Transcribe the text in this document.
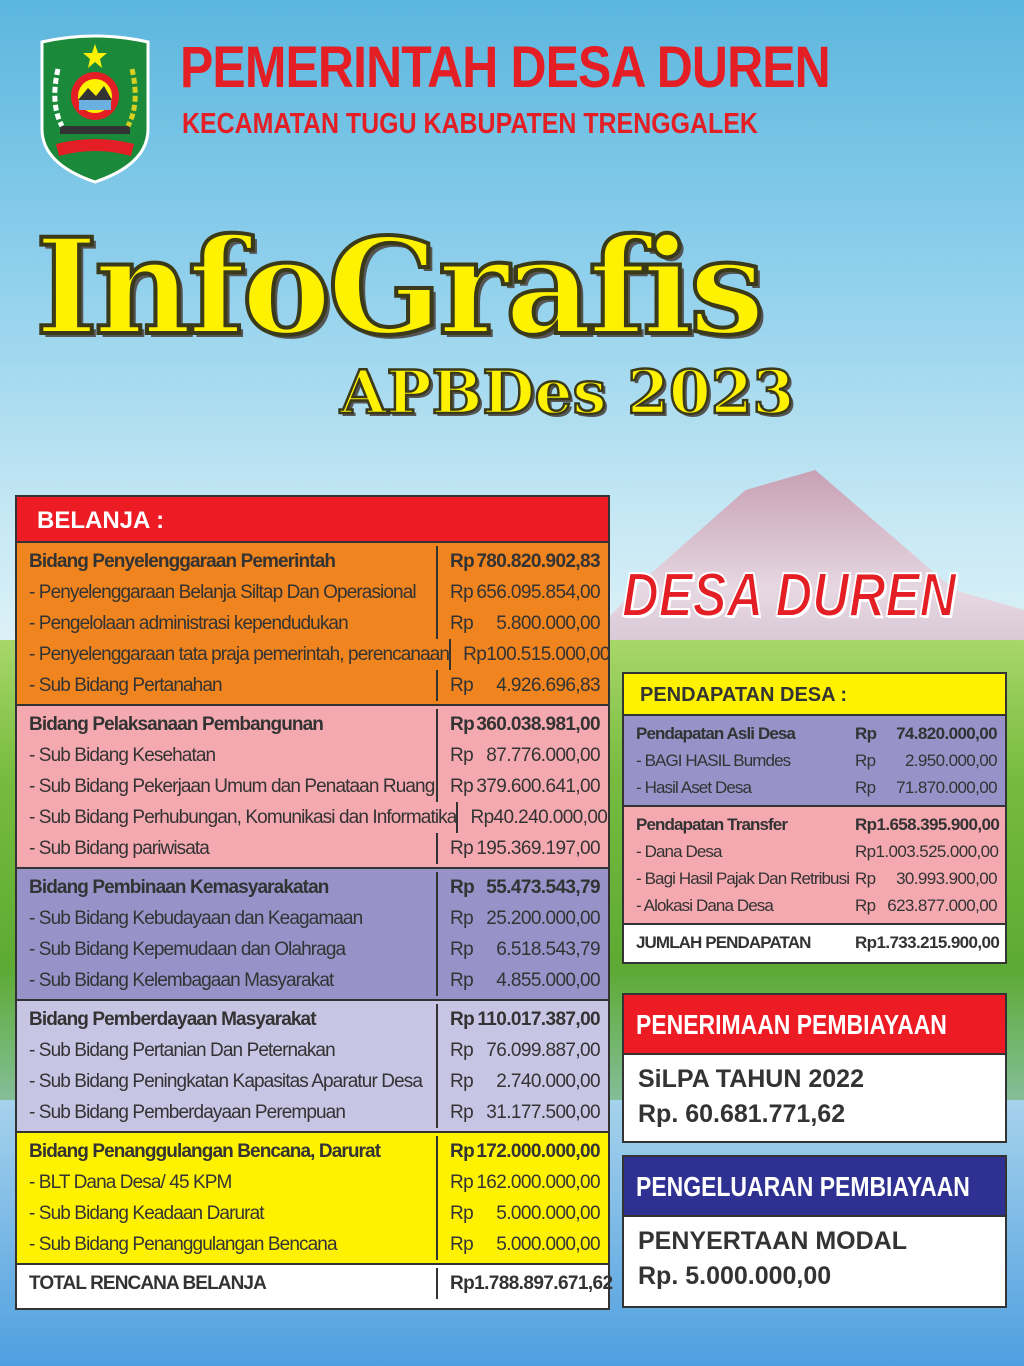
PEMERINTAH DESA DUREN
KECAMATAN TUGU KABUPATEN TRENGGALEK
InfoGrafis
APBDes 2023
DESA DUREN
BELANJA :
Bidang Penyelenggaraan Pemerintah	Rp 780.820.902,83
- Penyelenggaraan Belanja Siltap Dan Operasional	Rp 656.095.854,00
- Pengelolaan administrasi kependudukan	Rp 5.800.000,00
- Penyelenggaraan tata praja pemerintah, perencanaan Rp 100.515.000,00
- Sub Bidang Pertanahan	Rp 4.926.696,83
Bidang Pelaksanaan Pembangunan	Rp 360.038.981,00
- Sub Bidang Kesehatan	Rp 87.776.000,00
- Sub Bidang Pekerjaan Umum dan Penataan Ruang Rp 379.600.641,00
- Sub Bidang Perhubungan, Komunikasi dan Informatika Rp 40.240.000,00
- Sub Bidang pariwisata	Rp 195.369.197,00
Bidang Pembinaan Kemasyarakatan	Rp 55.473.543,79
- Sub Bidang Kebudayaan dan Keagamaan	Rp 25.200.000,00
- Sub Bidang Kepemudaan dan Olahraga	Rp 6.518.543,79
- Sub Bidang Kelembagaan Masyarakat	Rp 4.855.000,00
Bidang Pemberdayaan Masyarakat	Rp 110.017.387,00
- Sub Bidang Pertanian Dan Peternakan	Rp 76.099.887,00
- Sub Bidang Peningkatan Kapasitas Aparatur Desa	Rp 2.740.000,00
- Sub Bidang Pemberdayaan Perempuan	Rp 31.177.500,00
Bidang Penanggulangan Bencana, Darurat	Rp 172.000.000,00
- BLT Dana Desa/ 45 KPM	Rp 162.000.000,00
- Sub Bidang Keadaan Darurat	Rp 5.000.000,00
- Sub Bidang Penanggulangan Bencana	Rp 5.000.000,00
TOTAL RENCANA BELANJA	Rp 1.788.897.671,62
PENDAPATAN DESA :
Pendapatan Asli Desa	Rp 74.820.000,00
- BAGI HASIL Bumdes	Rp 2.950.000,00
- Hasil Aset Desa	Rp 71.870.000,00
Pendapatan Transfer	Rp 1.658.395.900,00
- Dana Desa	Rp 1.003.525.000,00
- Bagi Hasil Pajak Dan Retribusi Rp 30.993.900,00
- Alokasi Dana Desa	Rp 623.877.000,00
JUMLAH PENDAPATAN	Rp 1.733.215.900,00
PENERIMAAN PEMBIAYAAN
SiLPA TAHUN 2022
Rp. 60.681.771,62
PENGELUARAN PEMBIAYAAN
PENYERTAAN MODAL
Rp. 5.000.000,00
